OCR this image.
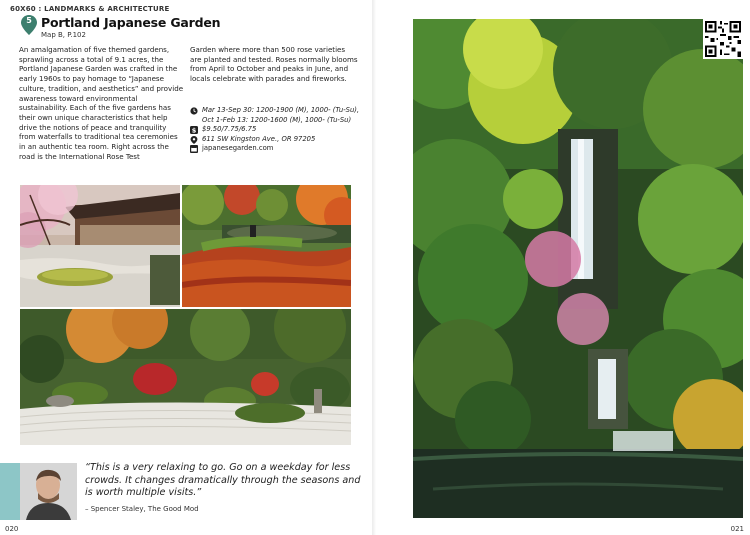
60X60 : LANDMARKS & ARCHITECTURE
5 Portland Japanese Garden
Map B, P.102
An amalgamation of five themed gardens, sprawling across a total of 9.1 acres, the Portland Japanese Garden was crafted in the early 1960s to pay homage to “Japanese culture, tradition, and aesthetics” and provide awareness toward environmental sustainability. Each of the five gardens has their own unique characteristics that help drive the notions of peace and tranquility from waterfalls to traditional tea ceremonies in an authentic tea room. Right across the road is the International Rose Test
Garden where more than 500 rose varieties are planted and tested. Roses normally blooms from April to October and peaks in June, and locals celebrate with parades and fireworks.
Mar 13-Sep 30: 1200-1900 (M), 1000- (Tu-Su), Oct 1-Feb 13: 1200-1600 (M), 1000- (Tu-Su)
$ $9.50/7.75/6.75
611 SW Kingston Ave., OR 97205
japanesegarden.com
“This is a very relaxing to go. Go on a weekday for less crowds. It changes dramatically through the seasons and is worth multiple visits.”
– Spencer Staley, The Good Mod
020	021
